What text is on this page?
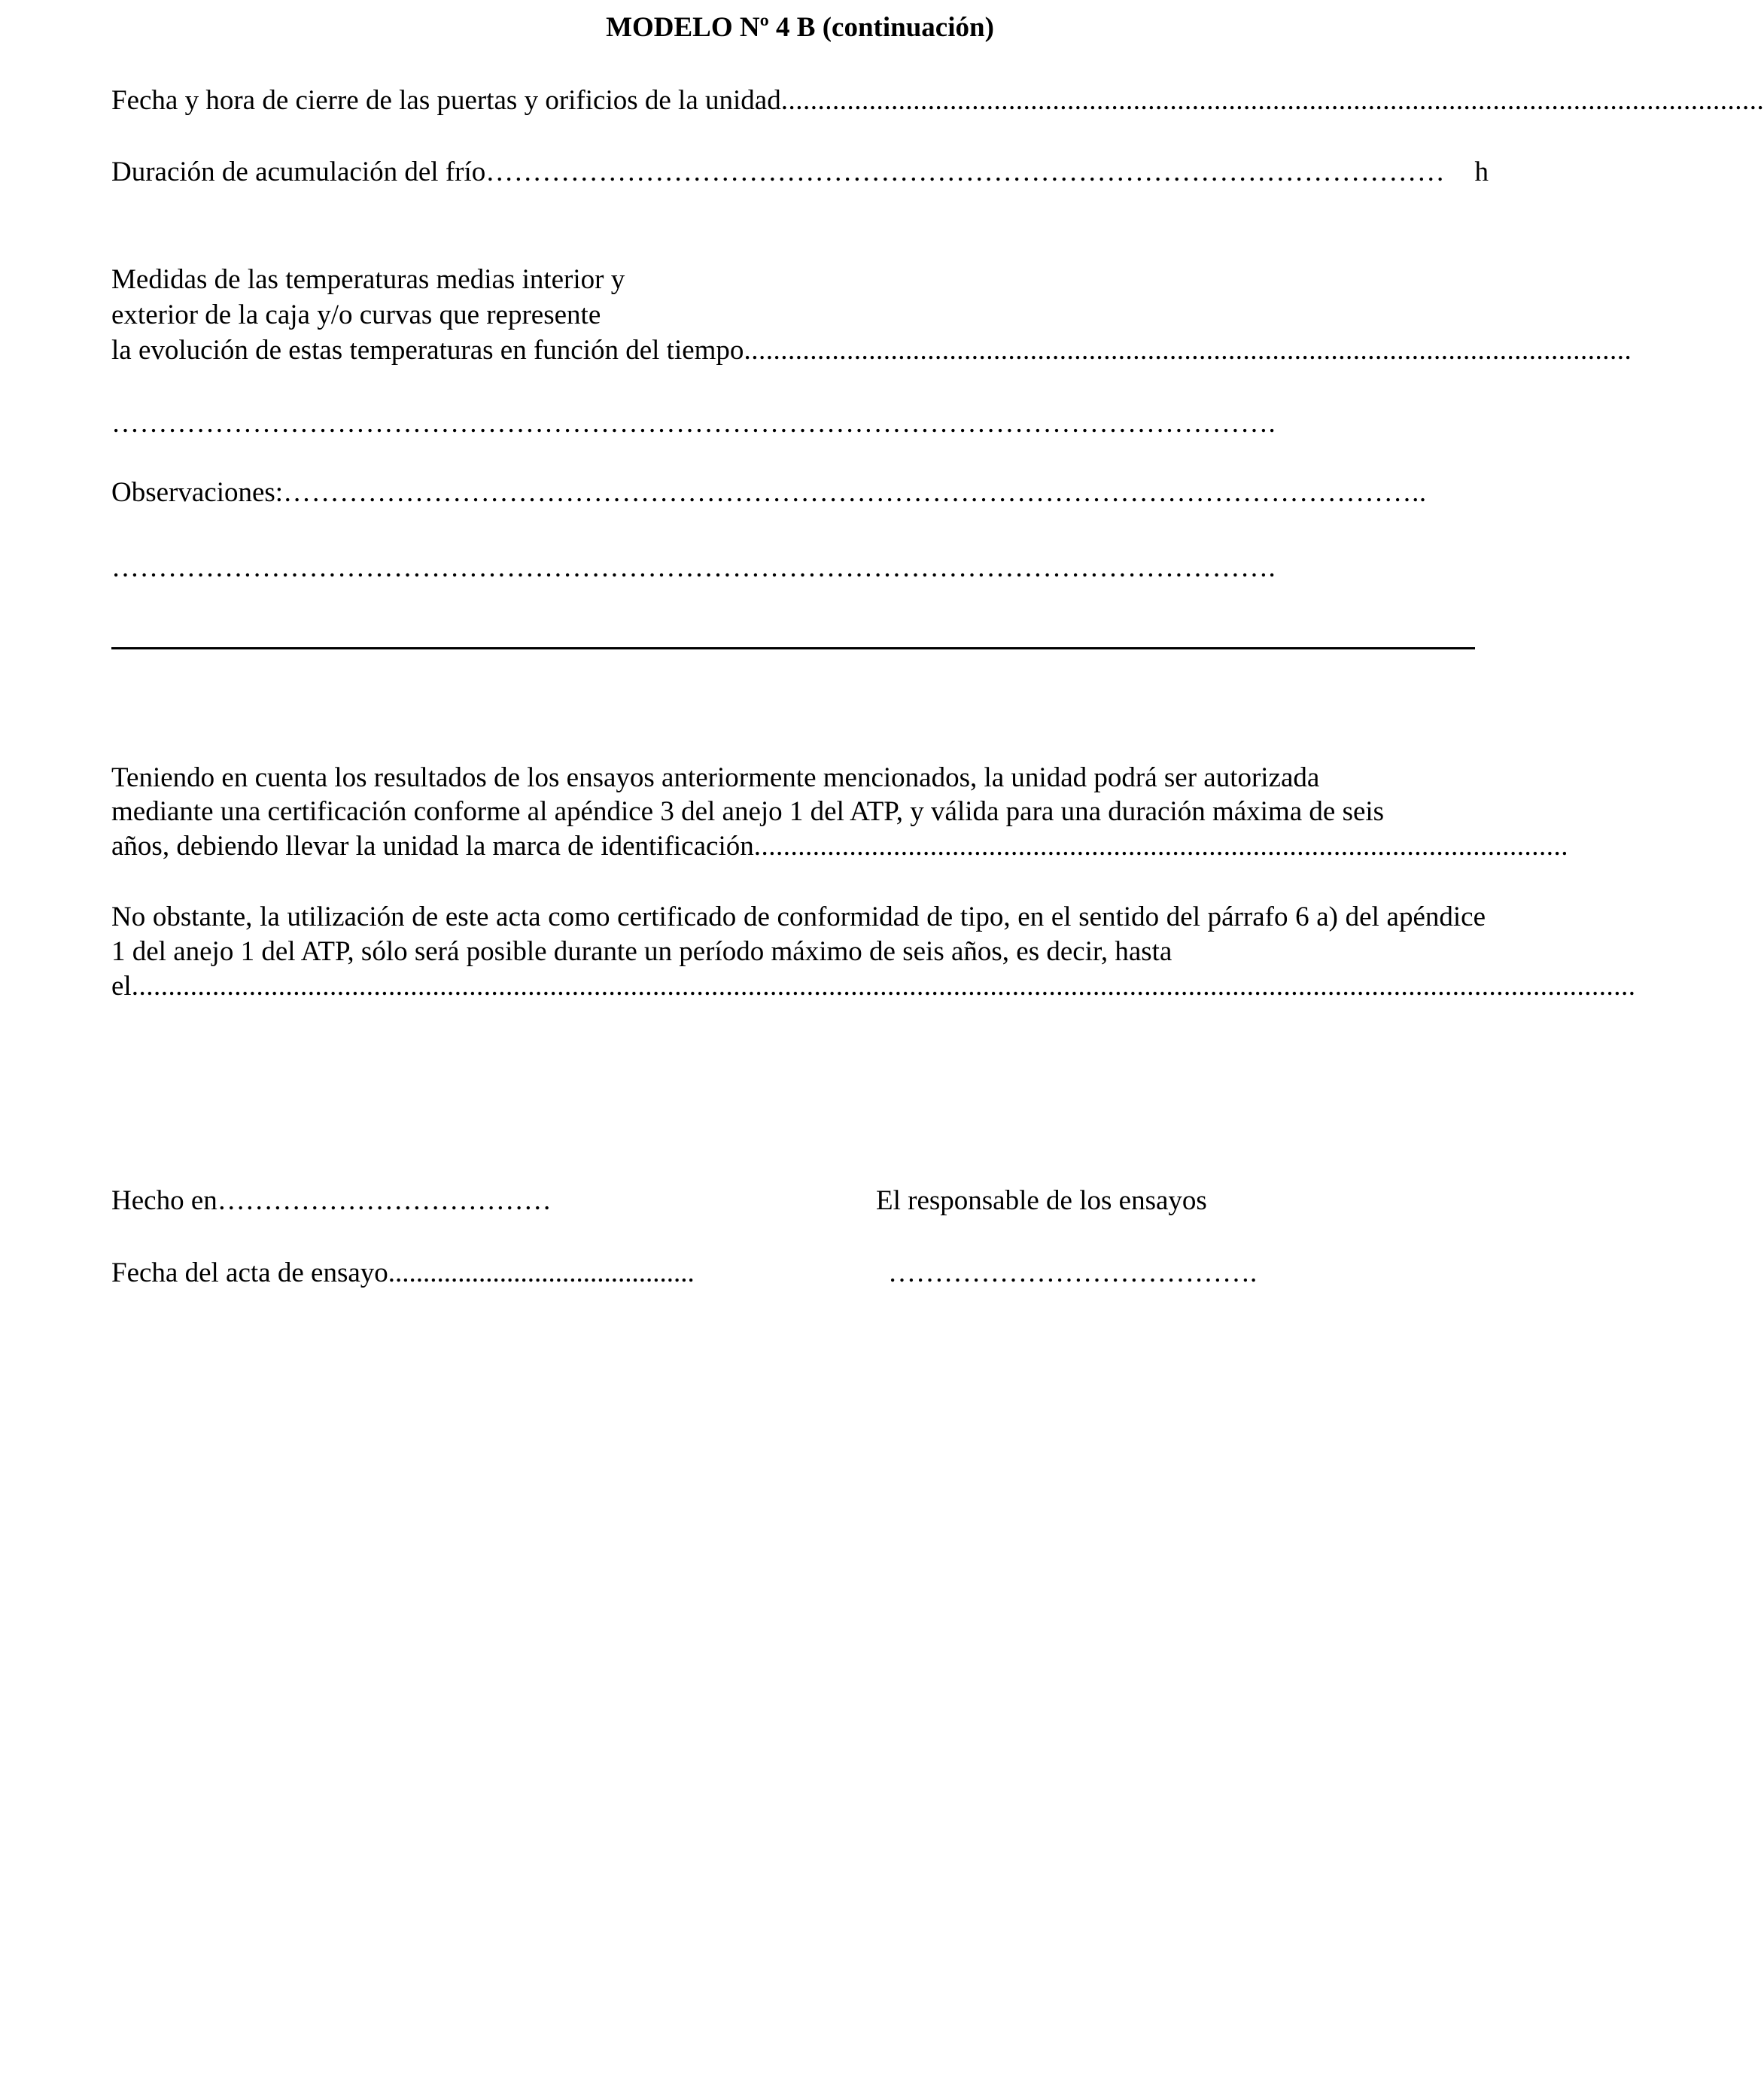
MODELO Nº 4 B (continuación)
Fecha y hora de cierre de las puertas y orificios de la unidad ......................................................................................................................................
Duración de acumulación del frío …………………………………………………………………………………………	h
Medidas de las temperaturas medias interior y
exterior de la caja y/o curvas que represente
la evolución de estas temperaturas en función del tiempo .........................................................................................................................
…………………………………………………………………………………………………………….
Observaciones: …………………………………………………………………………………………………………..
…………………………………………………………………………………………………………….
Teniendo en cuenta los resultados de los ensayos anteriormente mencionados, la unidad podrá ser autorizada
mediante una certificación conforme al apéndice 3 del anejo 1 del ATP, y válida para una duración máxima de seis
años, debiendo llevar la unidad la marca de identificación ...............................................................................................................
No obstante, la utilización de este acta como certificado de conformidad de tipo, en el sentido del párrafo 6 a) del apéndice 1 del anejo 1 del ATP, sólo será posible durante un período máximo de seis años, es decir, hasta
el .............................................................................................................................................................................................................
Hecho en………………………………	El responsable de los ensayos
Fecha del acta de ensayo............................................	………………………………….
